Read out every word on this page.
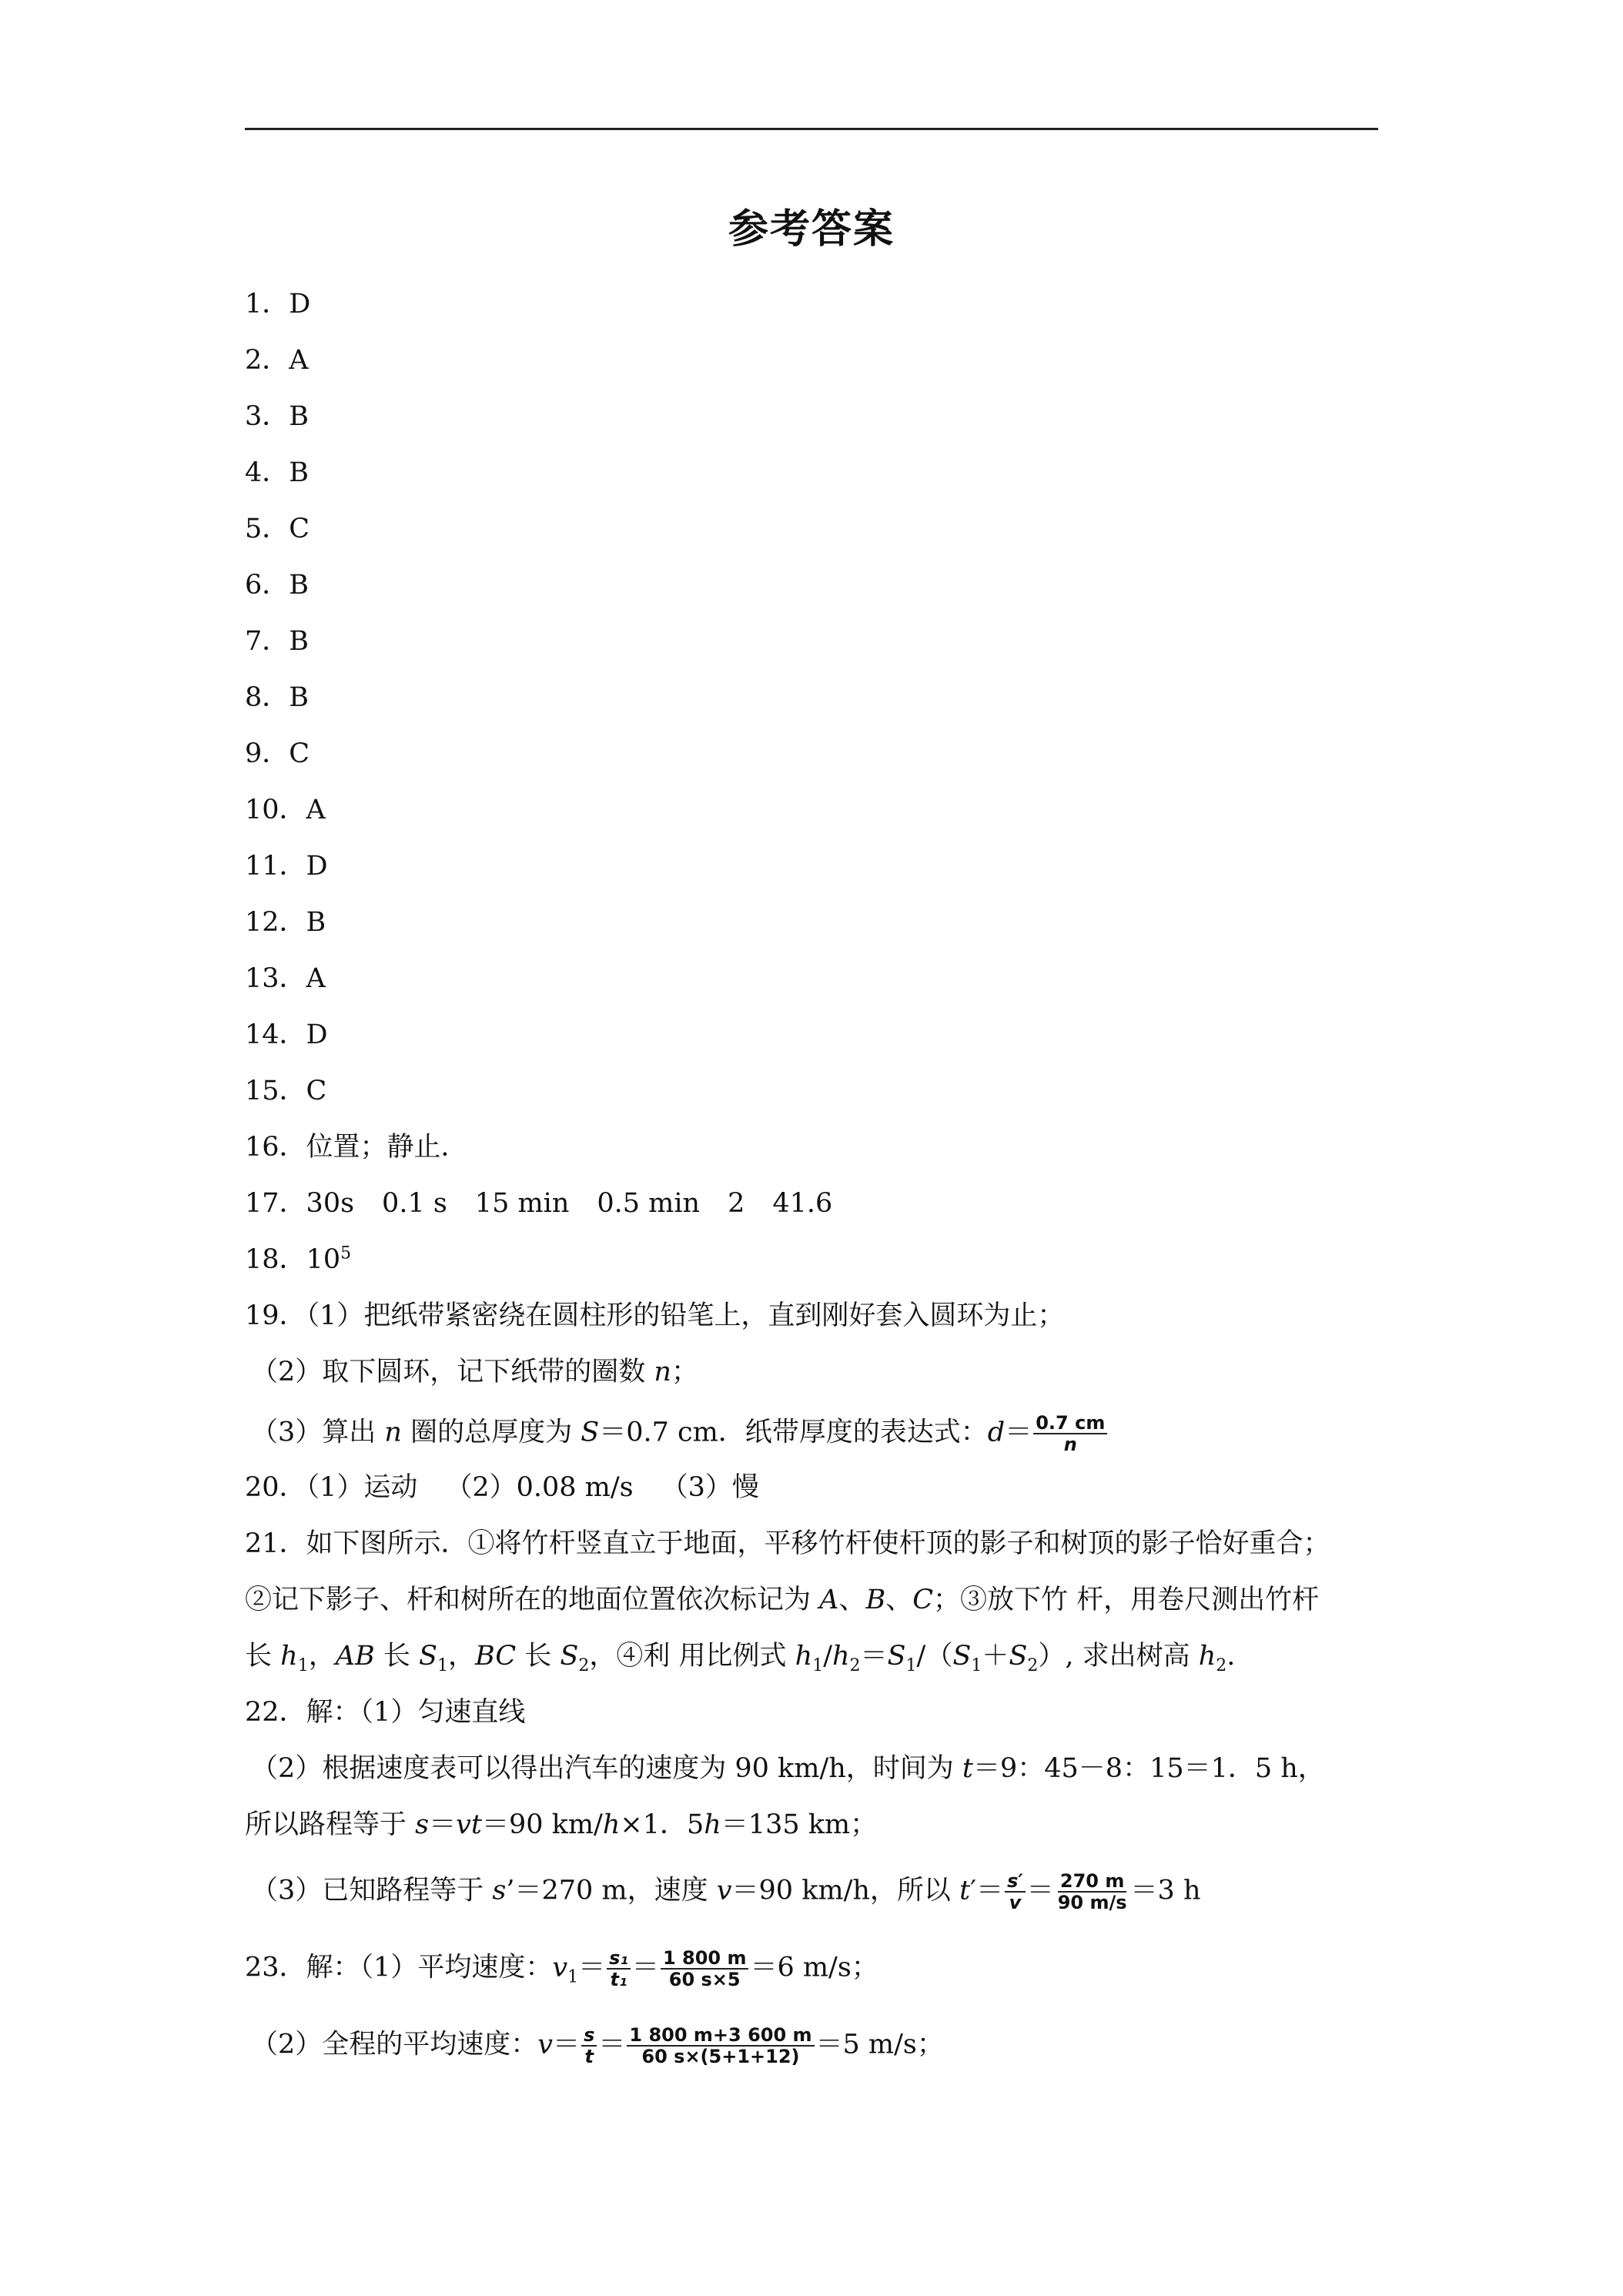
参考答案
1．D
2．A
3．B
4．B
5．C
6．B
7．B
8．B
9．C
10．A
11．D
12．B
13．A
14．D
15．C
16．位置；静止．
17．30s 0.1 s 15 min 0.5 min 2 41.6
18．$10^5$
19．（1）把纸带紧密绕在圆柱形的铅笔上，直到刚好套入圆环为止；
（2）取下圆环，记下纸带的圈数 n；
（3）算出 n 圈的总厚度为 S＝0.7 cm．纸带厚度的表达式：$d= \frac{0.7 cm}{n}$
20．（1）运动 （2）0.08 m/s （3）慢
21．如下图所示．①将竹杆竖直立于地面，平移竹杆使杆顶的影子和树顶的影子恰好重合；
②记下影子、杆和树所在的地面位置依次标记为 A、B、C；③放下竹 杆，用卷尺测出竹杆
长 $h_1$，AB 长 $S_1$，BC 长 $S_2$，④利 用比例式 $h_1/h_2=S_1/(S_1+S_2)$, 求出树高 $h_2$.
22．解：（1）匀速直线
（2）根据速度表可以得出汽车的速度为 90 km/h，时间为 t＝9：45－8：15＝1．5 h，
所以路程等于 s＝vt＝90 km/h×1．5h＝135 km；
（3）已知路程等于 s’＝270 m，速度 v＝90 km/h，所以 $t'= \frac{s'}{v} = \frac{270 m}{90 m/s} =3$ h
23．解：（1）平均速度：$v_1= \frac{\text{s₁}}{\text{t₁}} = \frac{1 800 m}{60 s\times 5} =6$ m/s；
（2）全程的平均速度：$v= \frac{s}{t} = \frac{1 800 m+3 600 m}{60 s\times(5+1+12)} =5$ m/s；
